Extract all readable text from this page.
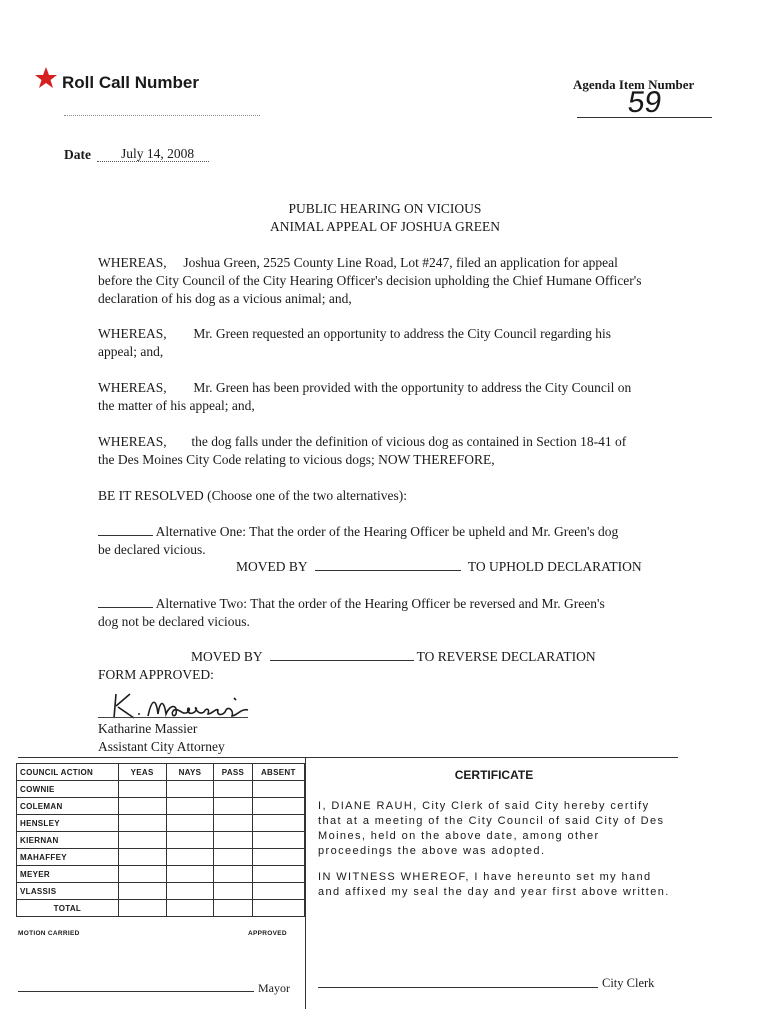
Roll Call Number	Agenda Item Number
59
Date July 14, 2008
PUBLIC HEARING ON VICIOUS
ANIMAL APPEAL OF JOSHUA GREEN
WHEREAS, Joshua Green, 2525 County Line Road, Lot #247, filed an application for appeal
before the City Council of the City Hearing Officer's decision upholding the Chief Humane Officer's declaration of his dog as a vicious animal; and,
WHEREAS, Mr. Green requested an opportunity to address the City Council regarding his
appeal; and,
WHEREAS, Mr. Green has been provided with the opportunity to address the City Council on
the matter of his appeal; and,
WHEREAS, the dog falls under the definition of vicious dog as contained in Section 18-41 of
the Des Moines City Code relating to vicious dogs; NOW THEREFORE,
BE IT RESOLVED (Choose one of the two alternatives):
Alternative One: That the order of the Hearing Officer be upheld and Mr. Green's dog
be declared vicious.
MOVED BY	TO UPHOLD DECLARATION
Alternative Two: That the order of the Hearing Officer be reversed and Mr. Green's
dog not be declared vicious.
MOVED BY	TO REVERSE DECLARATION
FORM APPROVED:
Katharine Massier
Assistant City Attorney
COUNCIL ACTION	YEAS	NAYS	PASS	ABSENT
COWNIE				
COLEMAN				
HENSLEY				
KIERNAN				
MAHAFFEY				
MEYER				
VLASSIS				
TOTAL				
MOTION CARRIED	APPROVED
Mayor
CERTIFICATE
I, DIANE RAUH, City Clerk of said City hereby certify that at a meeting of the City Council of said City of Des Moines, held on the above date, among other proceedings the above was adopted.
IN WITNESS WHEREOF, I have hereunto set my hand and affixed my seal the day and year first above written.
City Clerk
